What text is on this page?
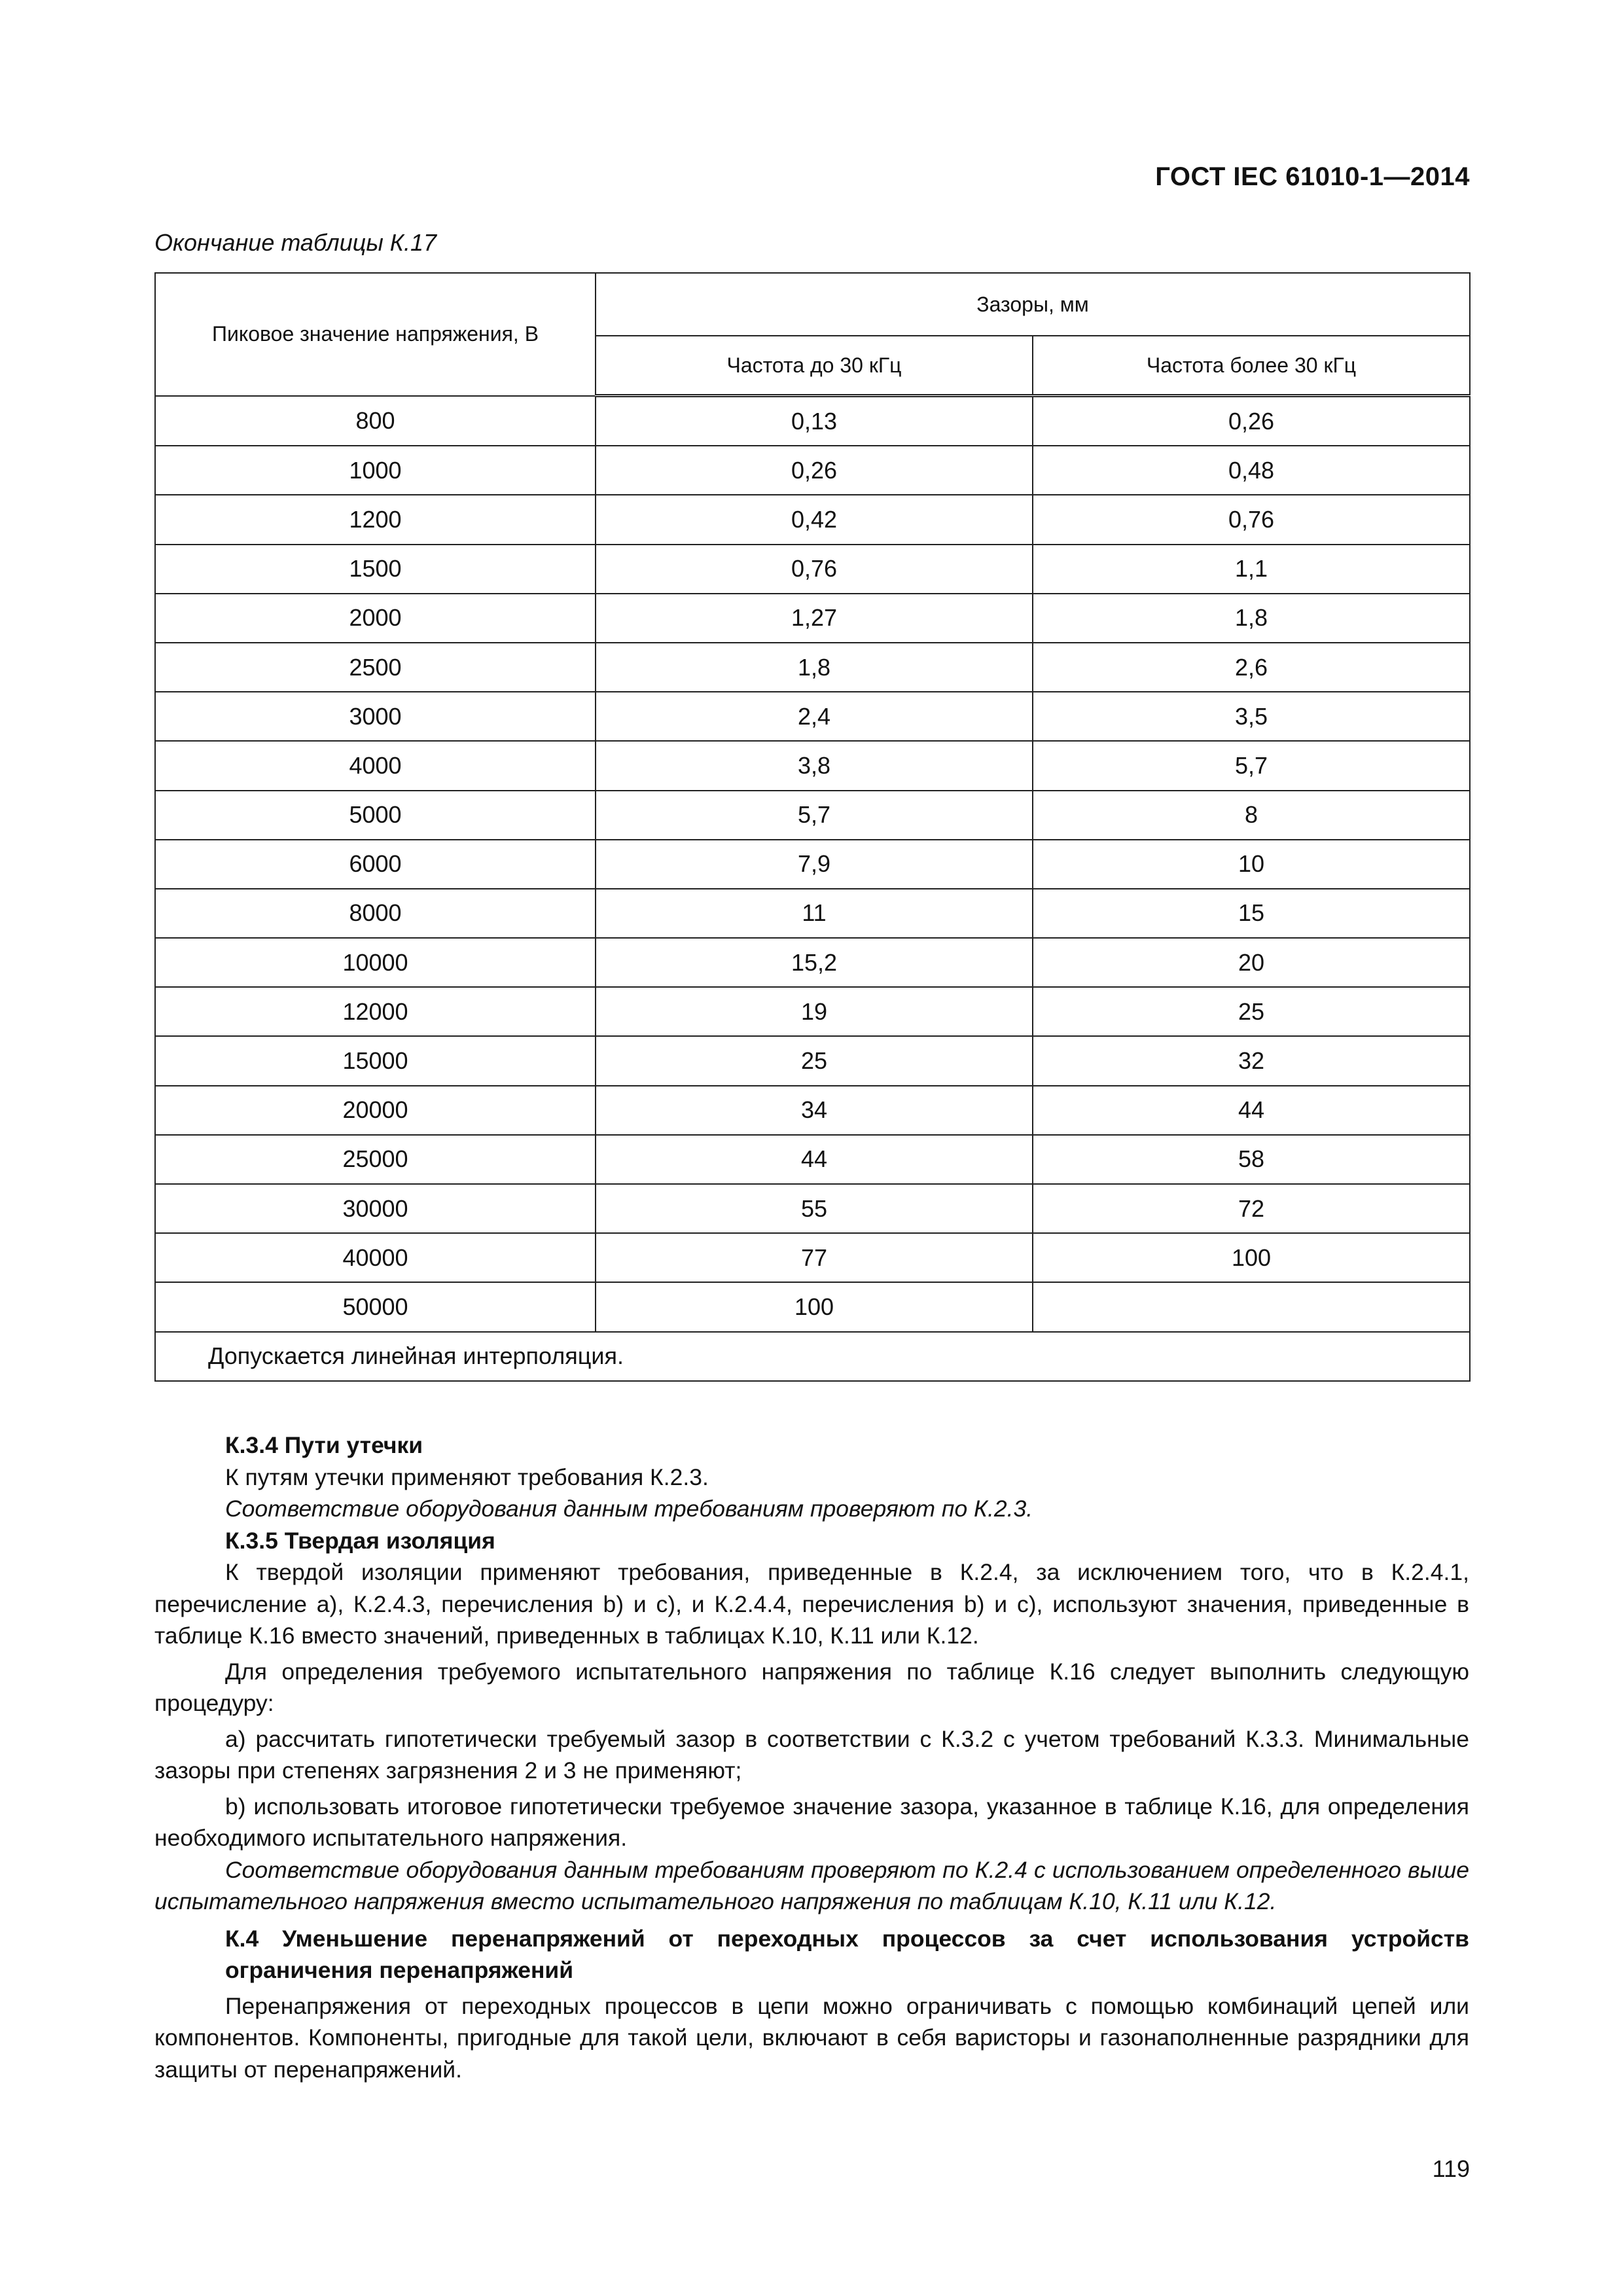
ГОСТ IEC 61010-1—2014
Окончание таблицы К.17
Пиковое значение напряжения, В	Зазоры, мм	
	Частота до 30 кГц	Частота более 30 кГц
800	0,13	0,26
1000	0,26	0,48
1200	0,42	0,76
1500	0,76	1,1
2000	1,27	1,8
2500	1,8	2,6
3000	2,4	3,5
4000	3,8	5,7
5000	5,7	8
6000	7,9	10
8000	11	15
10000	15,2	20
12000	19	25
15000	25	32
20000	34	44
25000	44	58
30000	55	72
40000	77	100
50000	100	
Допускается линейная интерполяция.		

К.3.4 Пути утечки

К путям утечки применяют требования К.2.3.

Соответствие оборудования данным требованиям проверяют по К.2.3.

К.3.5 Твердая изоляция

К твердой изоляции применяют требования, приведенные в К.2.4, за исключением того, что в К.2.4.1, перечисление a), К.2.4.3, перечисления b) и c), и К.2.4.4, перечисления b) и c), используют значения, приведенные в таблице К.16 вместо значений, приведенных в таблицах К.10, К.11 или К.12.

Для определения требуемого испытательного напряжения по таблице К.16 следует выполнить следующую процедуру:

a) рассчитать гипотетически требуемый зазор в соответствии с К.3.2 с учетом требований К.3.3. Минимальные зазоры при степенях загрязнения 2 и 3 не применяют;

b) использовать итоговое гипотетически требуемое значение зазора, указанное в таблице К.16, для определения необходимого испытательного напряжения.

Соответствие оборудования данным требованиям проверяют по К.2.4 с использованием определенного выше испытательного напряжения вместо испытательного напряжения по таблицам К.10, К.11 или К.12.

К.4 Уменьшение перенапряжений от переходных процессов за счет использования устройств ограничения перенапряжений

Перенапряжения от переходных процессов в цепи можно ограничивать с помощью комбинаций цепей или компонентов. Компоненты, пригодные для такой цели, включают в себя варисторы и газонаполненные разрядники для защиты от перенапряжений.

119
